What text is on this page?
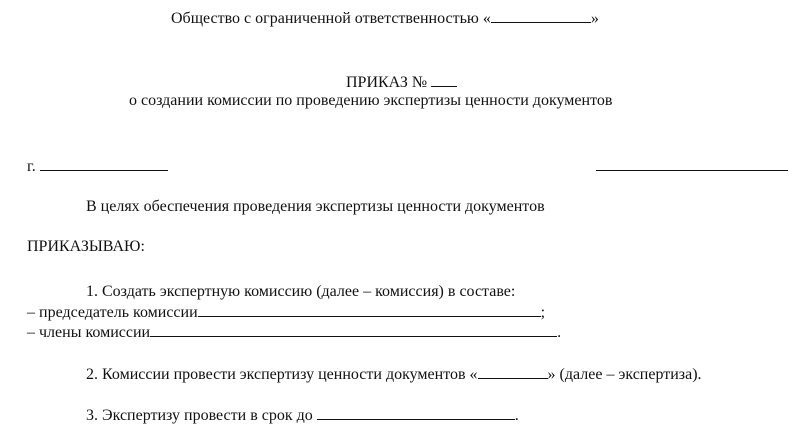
Общество с ограниченной ответственностью «	»
ПРИКАЗ №
о создании комиссии по проведению экспертизы ценности документов
г.
В целях обеспечения проведения экспертизы ценности документов
ПРИКАЗЫВАЮ:
1. Создать экспертную комиссию (далее – комиссия) в составе:
– председатель комиссии	;
– члены комиссии	.
2. Комиссии провести экспертизу ценности документов «	» (далее – экспертиза).
3. Экспертизу провести в срок до	.
